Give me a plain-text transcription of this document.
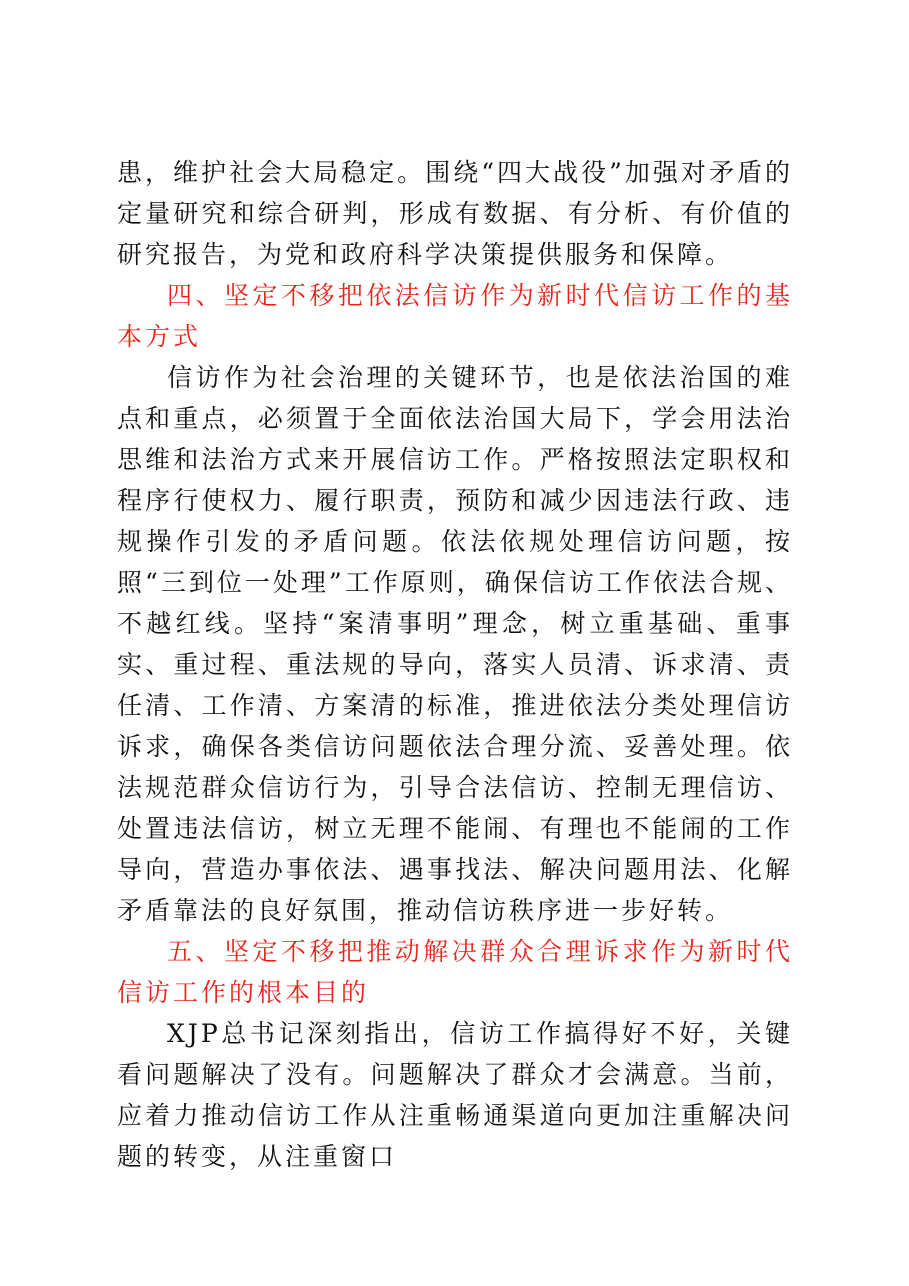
患，维护社会大局稳定。围绕“四大战役”加强对矛盾的定量研究和综合研判，形成有数据、有分析、有价值的研究报告，为党和政府科学决策提供服务和保障。

四、坚定不移把依法信访作为新时代信访工作的基本方式

信访作为社会治理的关键环节，也是依法治国的难点和重点，必须置于全面依法治国大局下，学会用法治思维和法治方式来开展信访工作。严格按照法定职权和程序行使权力、履行职责，预防和减少因违法行政、违规操作引发的矛盾问题。依法依规处理信访问题，按照“三到位一处理”工作原则，确保信访工作依法合规、不越红线。坚持“案清事明”理念，树立重基础、重事实、重过程、重法规的导向，落实人员清、诉求清、责任清、工作清、方案清的标准，推进依法分类处理信访诉求，确保各类信访问题依法合理分流、妥善处理。依法规范群众信访行为，引导合法信访、控制无理信访、处置违法信访，树立无理不能闹、有理也不能闹的工作导向，营造办事依法、遇事找法、解决问题用法、化解矛盾靠法的良好氛围，推动信访秩序进一步好转。

五、坚定不移把推动解决群众合理诉求作为新时代信访工作的根本目的

XJP总书记深刻指出，信访工作搞得好不好，关键看问题解决了没有。问题解决了群众才会满意。当前，应着力推动信访工作从注重畅通渠道向更加注重解决问题的转变，从注重窗口
